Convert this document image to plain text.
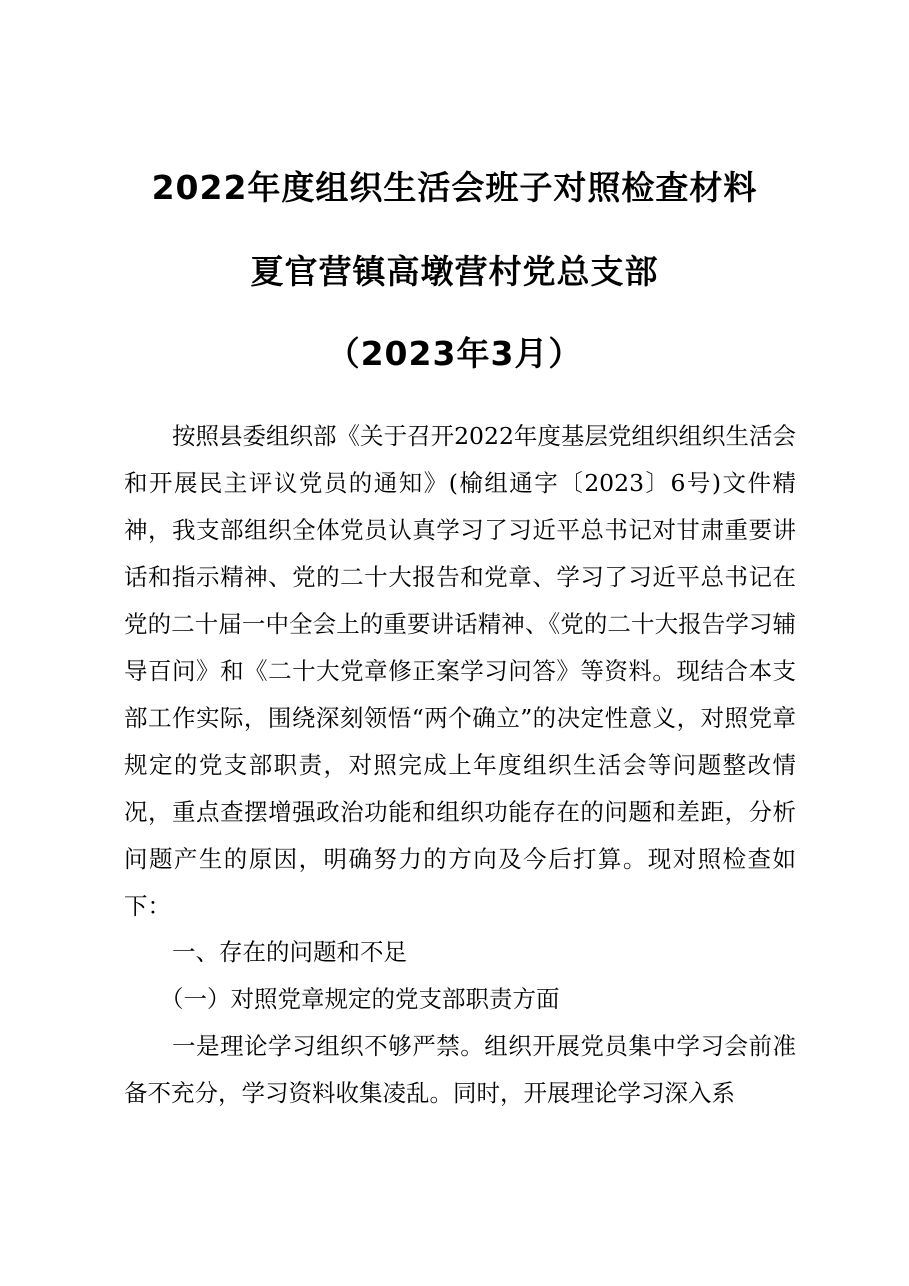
2022年度组织生活会班子对照检查材料
夏官营镇高墩营村党总支部
（2023年3月）
按照县委组织部《关于召开2022年度基层党组织组织生活会和开展民主评议党员的通知》(榆组通字〔2023〕6号)文件精神，我支部组织全体党员认真学习了习近平总书记对甘肃重要讲话和指示精神、党的二十大报告和党章、学习了习近平总书记在党的二十届一中全会上的重要讲话精神、《党的二十大报告学习辅导百问》和《二十大党章修正案学习问答》等资料。现结合本支部工作实际，围绕深刻领悟“两个确立”的决定性意义，对照党章规定的党支部职责，对照完成上年度组织生活会等问题整改情况，重点查摆增强政治功能和组织功能存在的问题和差距，分析问题产生的原因，明确努力的方向及今后打算。现对照检查如下：
一、存在的问题和不足
（一）对照党章规定的党支部职责方面
一是理论学习组织不够严禁。组织开展党员集中学习会前准备不充分，学习资料收集凌乱。同时，开展理论学习深入系
